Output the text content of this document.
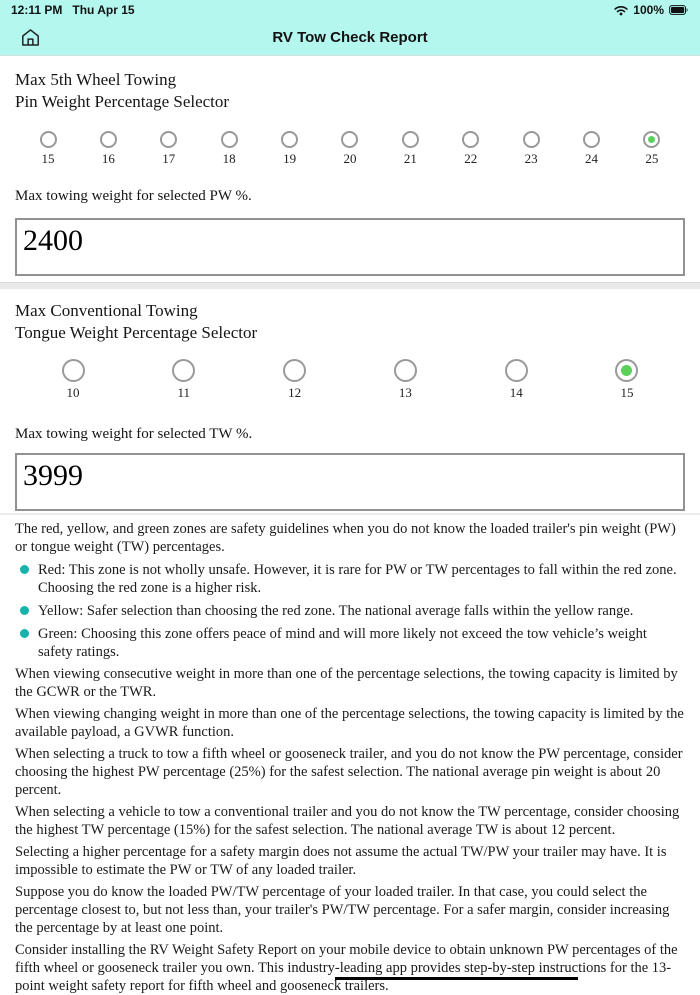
12:11 PM Thu Apr 15	100%
RV Tow Check Report
Max 5th Wheel Towing
Pin Weight Percentage Selector
15	16	17	18	19	20	21	22	23	24	25
Max towing weight for selected PW %.
2400
Max Conventional Towing
Tongue Weight Percentage Selector
10	11	12	13	14	15
Max towing weight for selected TW %.
3999

The red, yellow, and green zones are safety guidelines when you do not know the loaded trailer's pin weight (PW) or tongue weight (TW) percentages.

Red: This zone is not wholly unsafe. However, it is rare for PW or TW percentages to fall within the red zone. Choosing the red zone is a higher risk.
Yellow: Safer selection than choosing the red zone. The national average falls within the yellow range.
Green: Choosing this zone offers peace of mind and will more likely not exceed the tow vehicle’s weight safety ratings.

When viewing consecutive weight in more than one of the percentage selections, the towing capacity is limited by the GCWR or the TWR.

When viewing changing weight in more than one of the percentage selections, the towing capacity is limited by the available payload, a GVWR function.

When selecting a truck to tow a fifth wheel or gooseneck trailer, and you do not know the PW percentage, consider choosing the highest PW percentage (25%) for the safest selection. The national average pin weight is about 20 percent.

When selecting a vehicle to tow a conventional trailer and you do not know the TW percentage, consider choosing the highest TW percentage (15%) for the safest selection. The national average TW is about 12 percent.

Selecting a higher percentage for a safety margin does not assume the actual TW/PW your trailer may have. It is impossible to estimate the PW or TW of any loaded trailer.

Suppose you do know the loaded PW/TW percentage of your loaded trailer. In that case, you could select the percentage closest to, but not less than, your trailer's PW/TW percentage. For a safer margin, consider increasing the percentage by at least one point.

Consider installing the RV Weight Safety Report on your mobile device to obtain unknown PW percentages of the fifth wheel or gooseneck trailer you own. This industry-leading app provides step-by-step instructions for the 13-point weight safety report for fifth wheel and gooseneck trailers.
